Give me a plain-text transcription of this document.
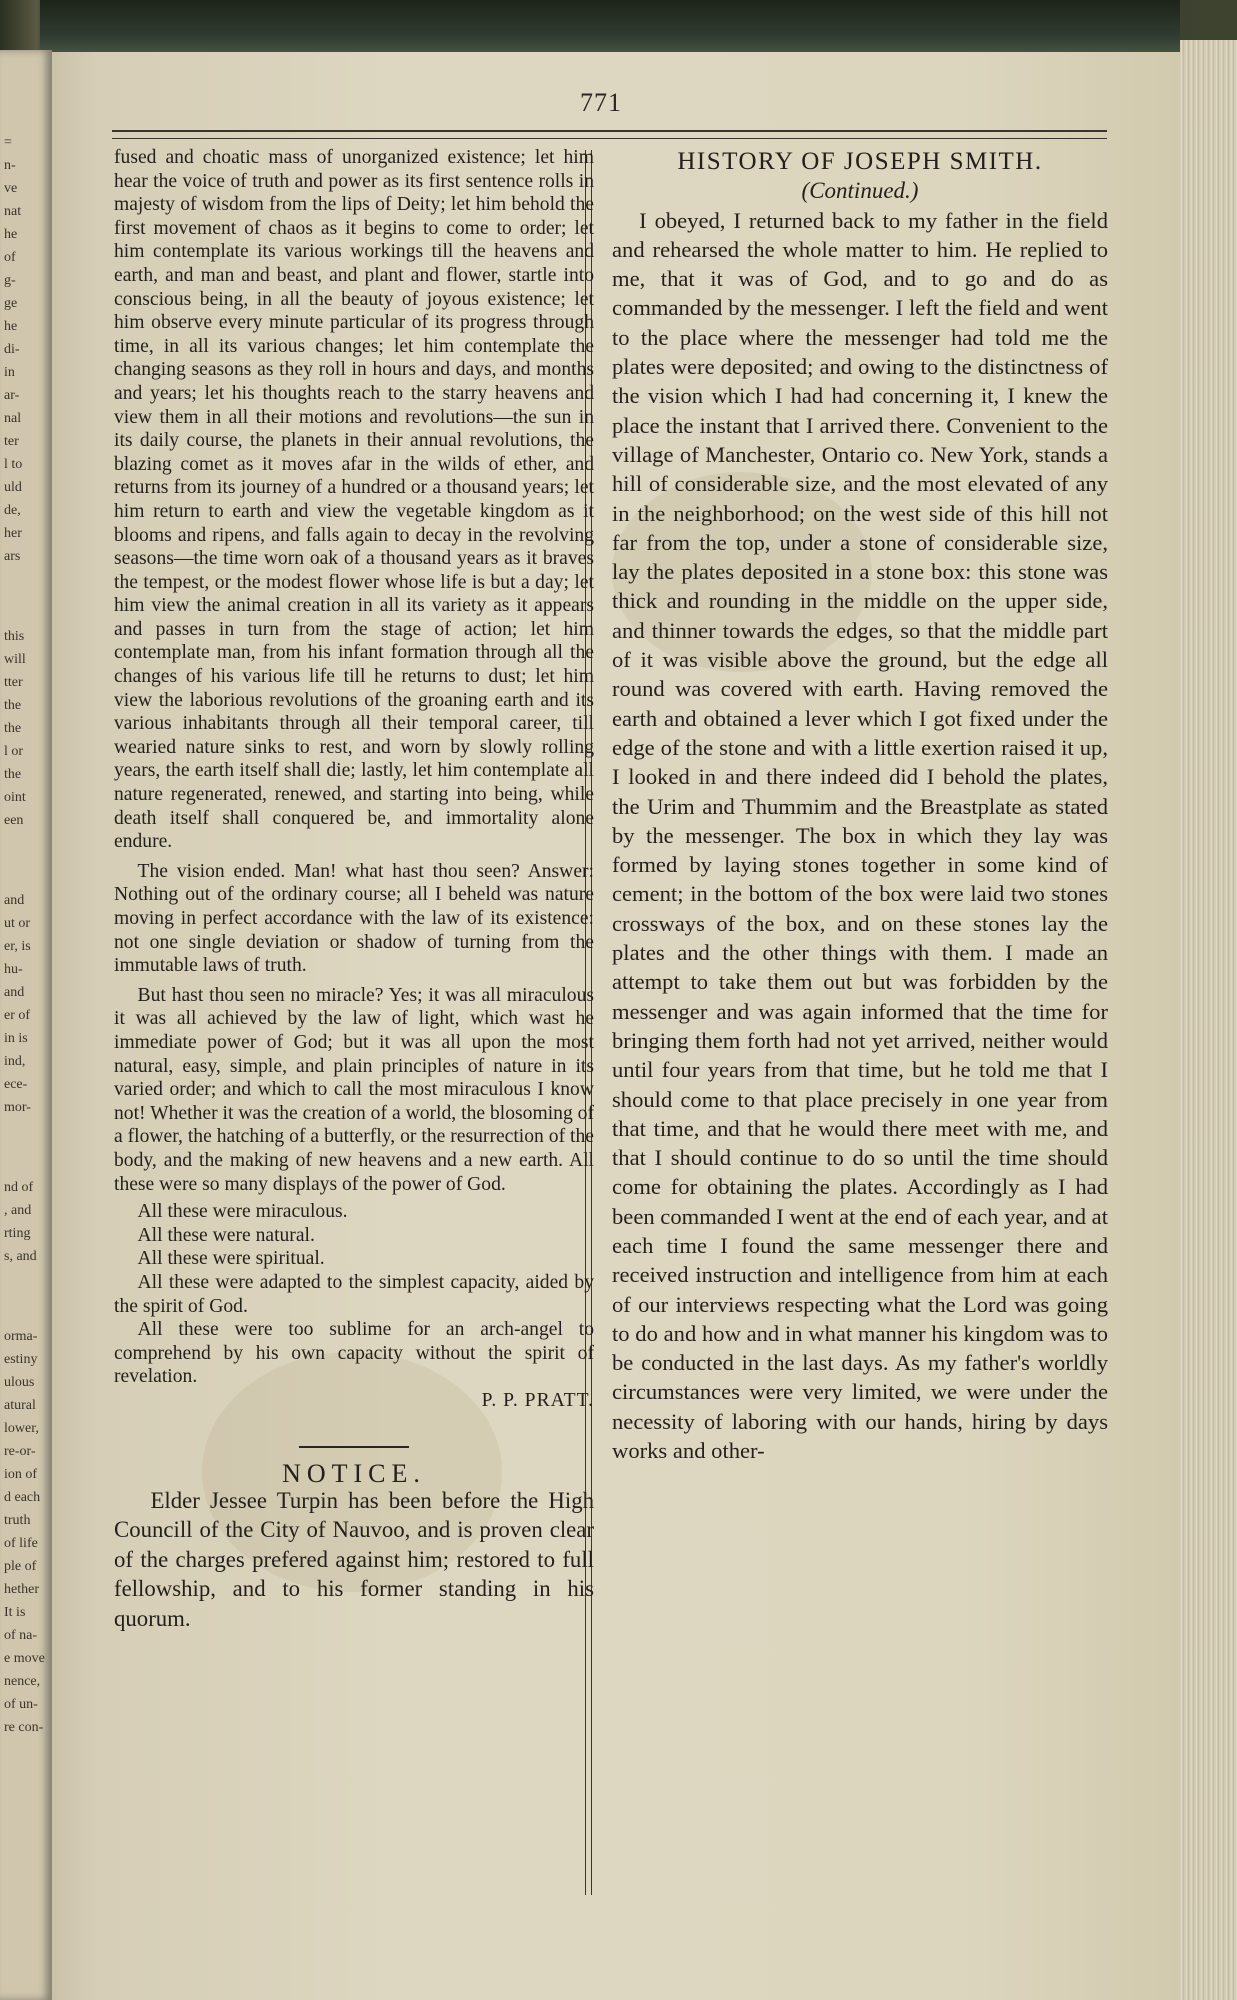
=
n-
ve
nat
he
of
g-
ge
he
di-
in
ar-
nal
ter
l to
uld
de,
her
ars
this
will
tter
the
the
l or
the
oint
een
and
ut or
er, is
hu-
and
er of
in is
ind,
ece-
mor-
nd of
, and
rting
s, and
orma-
estiny
ulous
atural
lower,
re-or-
ion of
d each
truth
of life
ple of
hether
It is
of na-
e move
nence,
of un-
re con-
771

fused and choatic mass of unorganized existence; let him hear the voice of truth and power as its first sentence rolls in majesty of wisdom from the lips of Deity; let him behold the first movement of chaos as it begins to come to order; let him contemplate its various workings till the heavens and earth, and man and beast, and plant and flower, startle into conscious being, in all the beauty of joyous existence; let him observe every minute particular of its progress through time, in all its various changes; let him contemplate the changing seasons as they roll in hours and days, and months and years; let his thoughts reach to the starry heavens and view them in all their motions and revolutions—the sun in its daily course, the planets in their annual revolutions, the blazing comet as it moves afar in the wilds of ether, and returns from its journey of a hundred or a thousand years; let him return to earth and view the vegetable kingdom as it blooms and ripens, and falls again to decay in the revolving seasons—the time worn oak of a thousand years as it braves the tempest, or the modest flower whose life is but a day; let him view the animal creation in all its variety as it appears and passes in turn from the stage of action; let him contemplate man, from his infant formation through all the changes of his various life till he returns to dust; let him view the laborious revolutions of the groaning earth and its various inhabitants through all their temporal career, till wearied nature sinks to rest, and worn by slowly rolling years, the earth itself shall die; lastly, let him contemplate all nature regenerated, renewed, and starting into being, while death itself shall conquered be, and immortality alone endure.

The vision ended. Man! what hast thou seen? Answer: Nothing out of the ordinary course; all I beheld was nature moving in perfect accordance with the law of its existence: not one single deviation or shadow of turning from the immutable laws of truth.

But hast thou seen no miracle? Yes; it was all miraculous it was all achieved by the law of light, which wast he immediate power of God; but it was all upon the most natural, easy, simple, and plain principles of nature in its varied order; and which to call the most miraculous I know not! Whether it was the creation of a world, the blosoming of a flower, the hatching of a butterfly, or the resurrection of the body, and the making of new heavens and a new earth. All these were so many displays of the power of God.

All these were miraculous.

All these were natural.

All these were spiritual.

All these were adapted to the simplest capacity, aided by the spirit of God.

All these were too sublime for an arch-angel to comprehend by his own capacity without the spirit of revelation.

P. P. PRATT.

NOTICE.

Elder Jessee Turpin has been before the High Councill of the City of Nauvoo, and is proven clear of the charges prefered against him; restored to full fellowship, and to his former standing in his quorum.

HISTORY OF JOSEPH SMITH.

(Continued.)

I obeyed, I returned back to my father in the field and rehearsed the whole matter to him. He replied to me, that it was of God, and to go and do as commanded by the messenger. I left the field and went to the place where the messenger had told me the plates were deposited; and owing to the distinctness of the vision which I had had concerning it, I knew the place the instant that I arrived there. Convenient to the village of Manchester, Ontario co. New York, stands a hill of considerable size, and the most elevated of any in the neighborhood; on the west side of this hill not far from the top, under a stone of considerable size, lay the plates deposited in a stone box: this stone was thick and rounding in the middle on the upper side, and thinner towards the edges, so that the middle part of it was visible above the ground, but the edge all round was covered with earth. Having removed the earth and obtained a lever which I got fixed under the edge of the stone and with a little exertion raised it up, I looked in and there indeed did I behold the plates, the Urim and Thummim and the Breastplate as stated by the messenger. The box in which they lay was formed by laying stones together in some kind of cement; in the bottom of the box were laid two stones crossways of the box, and on these stones lay the plates and the other things with them. I made an attempt to take them out but was forbidden by the messenger and was again informed that the time for bringing them forth had not yet arrived, neither would until four years from that time, but he told me that I should come to that place precisely in one year from that time, and that he would there meet with me, and that I should continue to do so until the time should come for obtaining the plates. Accordingly as I had been commanded I went at the end of each year, and at each time I found the same messenger there and received instruction and intelligence from him at each of our interviews respecting what the Lord was going to do and how and in what manner his kingdom was to be conducted in the last days. As my father's worldly circumstances were very limited, we were under the necessity of laboring with our hands, hiring by days works and other-
